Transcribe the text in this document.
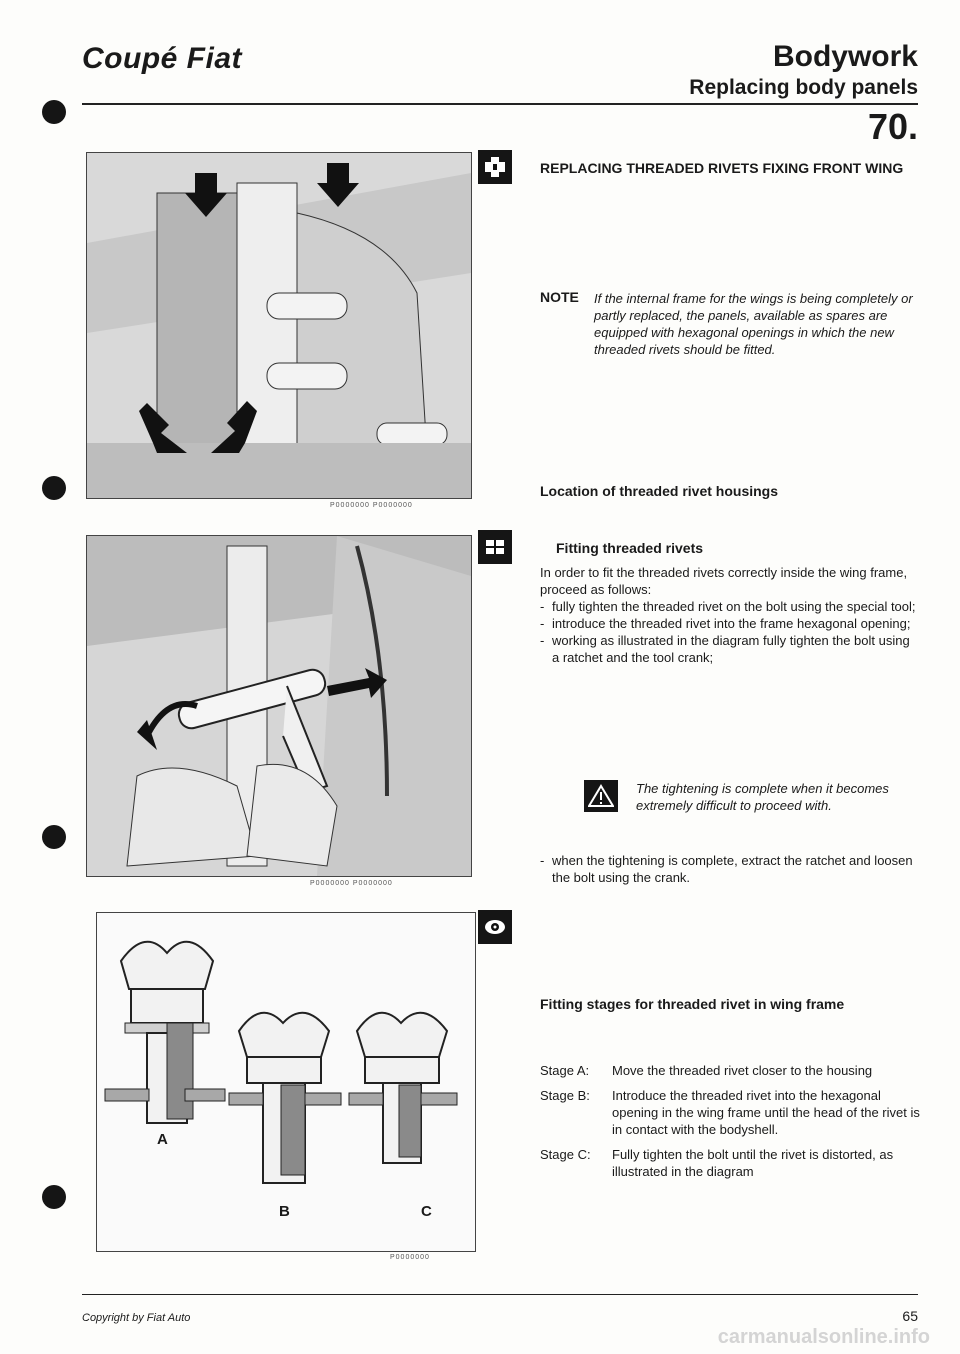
Coupé Fiat	Bodywork
Replacing body panels
70.
P0000000 P0000000
P0000000 P0000000
A
B	C
P0000000
REPLACING THREADED RIVETS FIXING FRONT WING
NOTE If the internal frame for the wings is being completely or partly replaced, the panels, available as spares are equipped with hexagonal openings in which the new threaded rivets should be fitted.
Location of threaded rivet housings
Fitting threaded rivets
In order to fit the threaded rivets correctly inside the wing frame, proceed as follows:
- fully tighten the threaded rivet on the bolt using the special tool;
- introduce the threaded rivet into the frame hexagonal opening;
- working as illustrated in the diagram fully tighten the bolt using a ratchet and the tool crank;
The tightening is complete when it becomes extremely difficult to proceed with.
- when the tightening is complete, extract the ratchet and loosen the bolt using the crank.
Fitting stages for threaded rivet in wing frame
Stage A:	Move the threaded rivet closer to the housing
Stage B:	Introduce the threaded rivet into the hexagonal opening in the wing frame until the head of the rivet is in contact with the bodyshell.
Stage C:	Fully tighten the bolt until the rivet is distorted, as illustrated in the diagram
Copyright by Fiat Auto	65
carmanualsonline.info
